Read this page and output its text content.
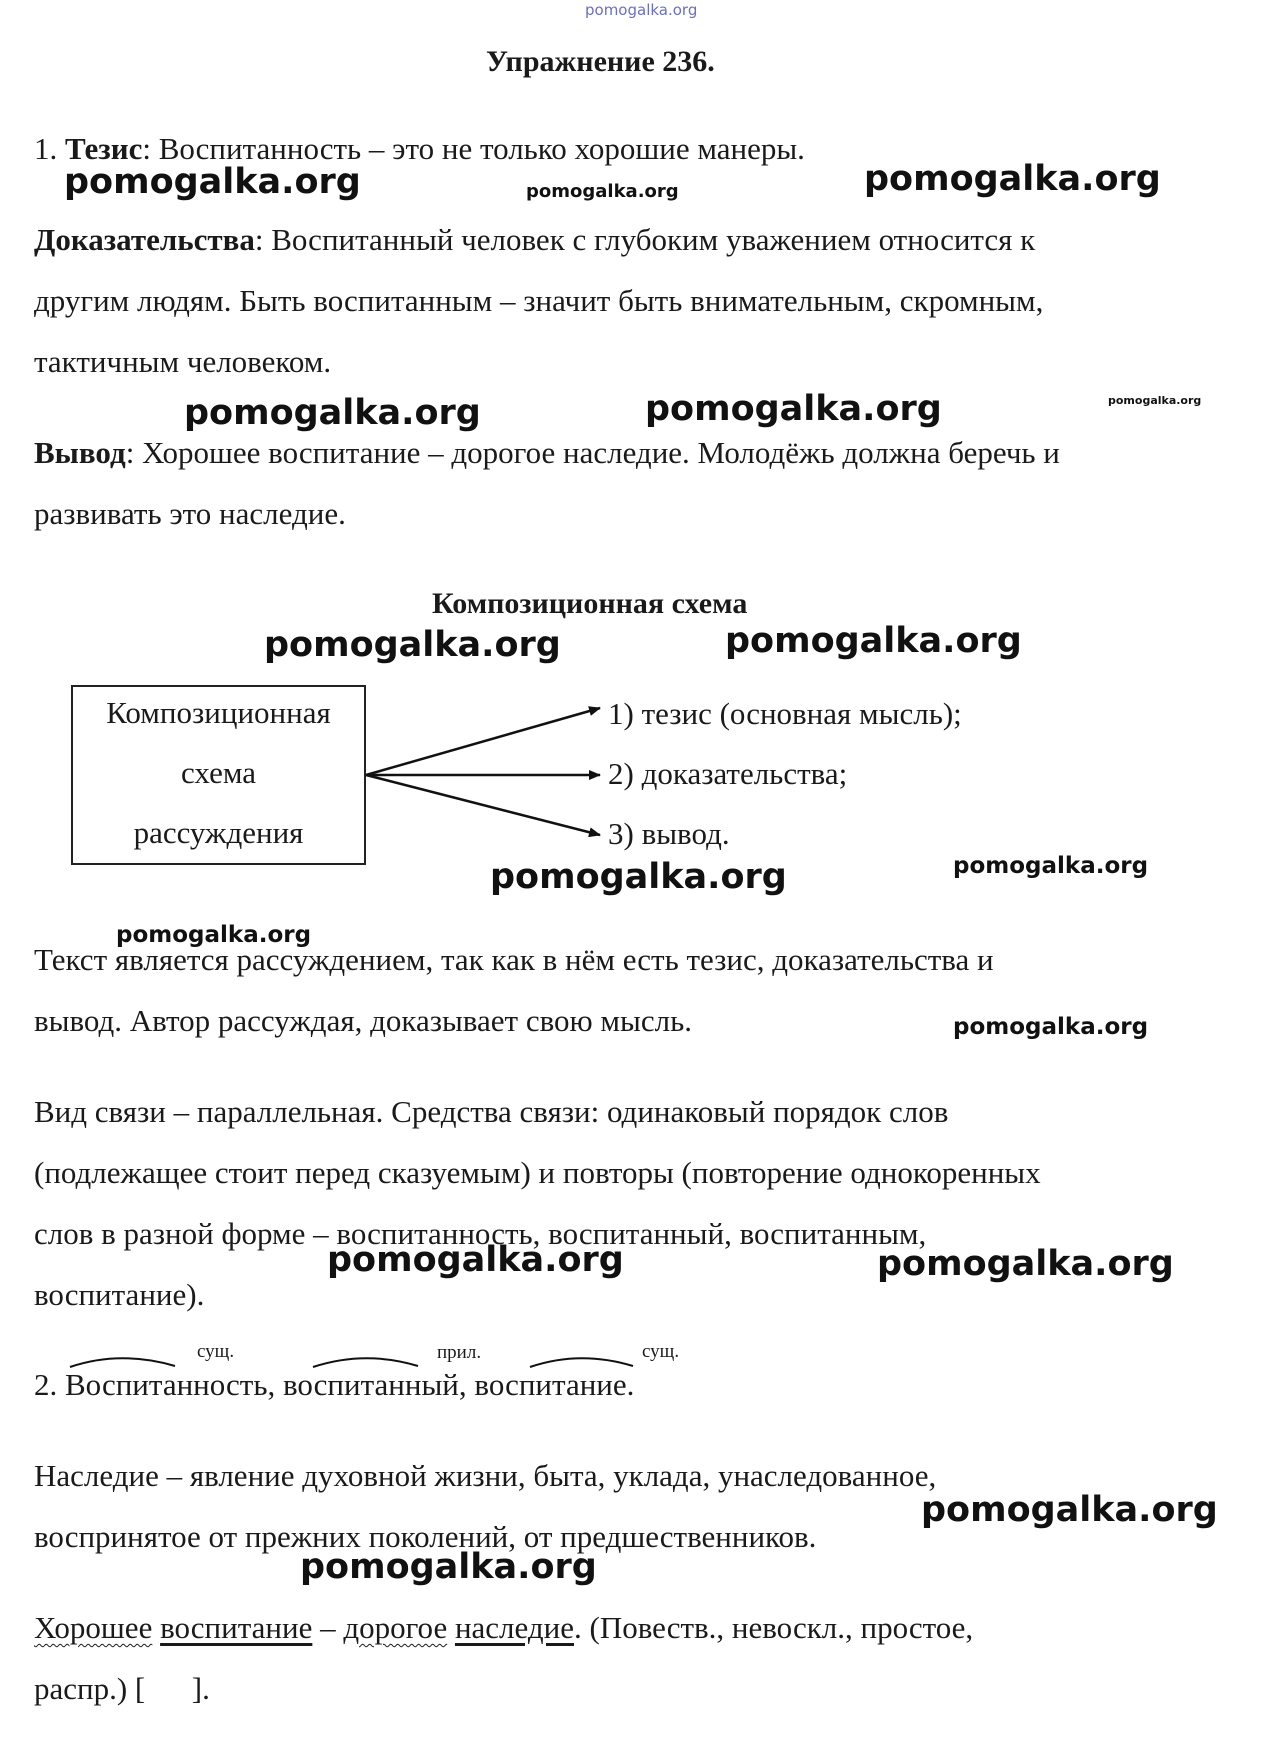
pomogalka.org
Упражнение 236.
1. Тезис: Воспитанность – это не только хорошие манеры.
Доказательства: Воспитанный человек с глубоким уважением относится к
другим людям. Быть воспитанным – значит быть внимательным, скромным,
тактичным человеком.
Вывод: Хорошее воспитание – дорогое наследие. Молодёжь должна беречь и
развивать это наследие.
Композиционная схема
Композиционная
схема
рассуждения
1) тезис (основная мысль);
2) доказательства;
3) вывод.
Текст является рассуждением, так как в нём есть тезис, доказательства и
вывод. Автор рассуждая, доказывает свою мысль.
Вид связи – параллельная. Средства связи: одинаковый порядок слов
(подлежащее стоит перед сказуемым) и повторы (повторение однокоренных
слов в разной форме – воспитанность, воспитанный, воспитанным,
воспитание).
сущ.	прил.	сущ.
2. Воспитанность, воспитанный, воспитание.
Наследие – явление духовной жизни, быта, уклада, унаследованное,
воспринятое от прежних поколений, от предшественников.
Хорошее воспитание – дорогое наследие. (Повеств., невоскл., простое,
распр.) [      ].
pomogalka.org	pomogalka.org	pomogalka.org
pomogalka.org	pomogalka.org	pomogalka.org
pomogalka.org	pomogalka.org
pomogalka.org	pomogalka.org
pomogalka.org
pomogalka.org
pomogalka.org	pomogalka.org
pomogalka.org
pomogalka.org
